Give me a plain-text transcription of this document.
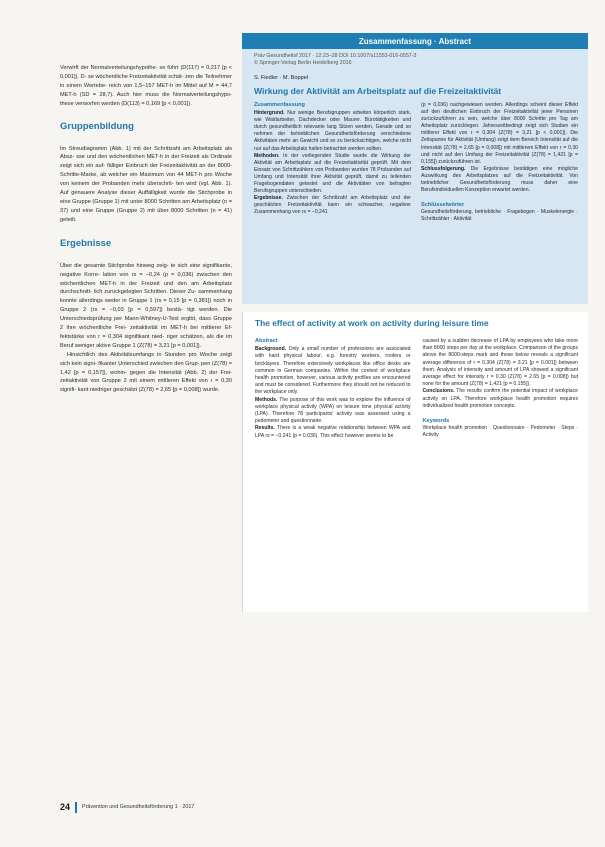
Verwirft der Normalverteilungshypothe- se führt (D(117) = 0,217 [p < 0,001]). D- se wöchentliche Freizeitaktivität schät- zen die Teilnehmer in einem Wertebe- reich von 1,5–157 MET-h im Mittel auf M = 44,7 MET-h (SD = 28,7). Auch hier muss die Normalverteilungshypo- these verworfen werden (D(113) = 0,169 [p < 0,001]).

Gruppenbildung

Im Streudiagramm (Abb. 1) mit der Schrittzahl am Arbeitsplatz als Absz- sse und den wöchentlichen MET-h in der Freizeit als Ordinate zeigt sich ein auf- fälliger Einbruch der Freizeitaktivität an der 8000-Schritte-Marke, ab welcher ein Maximum von 44 MET-h pro Woche von keinem der Probanden mehr überschrit- ten wird (vgl. Abb. 1). Auf genauere Analyse dieser Auffälligkeit wurde die Stichprobe in eine Gruppe (Gruppe 1) mit unter 8000 Schritten am Arbeitsplatz (n = 37) und eine Gruppe (Gruppe 2) mit über 8000 Schritten (n = 41) geteilt.

Ergebnisse

Über die gesamte Stichprobe hinweg zeig- te sich eine signifikante, negative Korre- lation von rs = −0,24 (p = 0,036) zwischen den wöchentlichen MET-h in der Freizeit und den am Arbeitsplatz durchschnitt- lich zurückgelegten Schritten. Dieser Zu- sammenhang konnte allerdings weder in Gruppe 1 (rs = 0,15 [p = 0,381]) noch in Gruppe 2 (rs = −0,03 [p = 0,597]) bestä- tigt werden. Die Unterschiedsprüfung per Mann-Whitney-U-Test ergibt, dass Gruppe 2 ihre wöchentliche Frei- zeitaktivität im MET-h bei mittlerer Ef- fektstärke von r = 0,304 signifikant nied- riger schätzen, als die im Beruf weniger aktive Gruppe 1 (Z(78) = 3,21 [p = 0,001]).

Hinsichtlich des Aktivitätsumfangs in Stunden pro Woche zeigt sich kein signi- fikanter Unterschied zwischen den Grup- pen (Z(78) = 1,42 [p = 0,157]), wohin- gegen die Intensität (Abb. 2) der Frei- zeitaktivität von Gruppe 2 mit einem mittleren Effekt von r = 0,30 signifi- kant niedriger geschätzt (Z(78) = 2,65 [p = 0,008]) wurde.

24 Prävention und Gesundheitsförderung 1 · 2017
Zusammenfassung · Abstract
Präv Gesundheitsf 2017 · 12:23–28 DOI 10.1007/s11553-016-0557-3
© Springer-Verlag Berlin Heidelberg 2016
S. Fiedler · M. Boppel
Wirkung der Aktivität am Arbeitsplatz auf die Freizeitaktivität
Zusammenfassung

Hintergrund. Nur wenige Berufsgruppen arbeiten körperlich stark, wie Waldarbeiter, Dachdecker oder Maurer. Bürotätigkeiten und durch gesundheitlich relevante lang Sitzen werden, Gerade und so nehmen der betrieblichen Gesundheitsförderung verschiedene Aktivitäten mehr an Gewicht und so zu berücksichtigen, welche nicht nur auf das Arbeitsplatz halten betrachtet werden sollten.

Methoden. In der vorliegenden Studie wurde die Wirkung der Aktivität am Arbeitsplatz auf die Freizeitaktivität geprüft. Mit dem Einsatz von Schrittzählern von Probanden wurden 78 Probanden auf Umfang und Intensität ihrer Aktivität geprüft, damit zu teilenden Fragebogendaten getestet und die Aktivitäten von befragten Berufsgruppen unterschieden.

Ergebnisse. Zwischen der Schrittzahl am Arbeitsplatz und der geschätzten Freizeitaktivität kann ein schwacher, negativer Zusammenhang von rs = −0,241

(p = 0,036) nachgewiesen werden. Allerdings scheint dieser Effekt auf den deutlichen Einbruch der Freizeitaktivität jener Personen zurückzuführen zu sein, welche über 8000 Schritte pro Tag am Arbeitsplatz zurücklegen. Jahreszeitbedingt zeigt sich Studien ein mittlerer Effekt von r = 0,304 (Z(78) = 3,21 [p < 0,001]). Die Zeitspanne für Aktivität (Umfang) zeigt dem Bereich Intensität auf die Intensität (Z(78) = 2,65 [p = 0,008]) mit mittlerem Effekt von r = 0,30 und nicht auf den Umfang der Freizeitaktivität (Z(78) = 1,421 [p = 0,155]) zurückzuführen ist.

Schlussfolgerung. Die Ergebnisse bestätigen eine mögliche Auswirkung des Arbeitsplatzes auf die Freizeitaktivität. Von betrieblicher Gesundheitsförderung muss daher eine Berufsindividuellen Konzeption erwartet werden.

Schlüsselwörter

Gesundheitsförderung, betriebliche · Fragebogen · Muskelenergie · Schrittzähler · Aktivität

The effect of activity at work on activity during leisure time
Abstract

Background. Only a small number of professions are associated with hard physical labour, e.g. forestry workers, roofers or bricklayers. Therefore extensively workplaces like office desks are common in German companies. Within the context of workplace health promotion, however, various activity profiles are encountered and must be considered. Furthermore they should not be reduced to the workplace only.

Methods. The purpose of this work was to explore the influence of workplace physical activity (WPA) on leisure time physical activity (LPA). Therefore 78 participants' activity was assessed using a pedometer and questionnaire.

Results. There is a weak negative relationship between WPA and LPA rs = −0.241 (p = 0.036). This effect however seems to be

caused by a sudden decrease of LPA by employees who take more than 8000 steps per day at the workplace. Comparison of the groups above the 8000-steps mark and those below reveals a significant average difference of r = 0.304 (Z(78) = 3.21 [p = 0.001]) between them. Analysis of intensity and amount of LPA showed a significant average effect for intensity r = 0.30 (Z(78) = 2.65 [p = 0.008]) but none for the amount (Z(78) = 1.421 [p = 0.155]).

Conclusions. The results confirm the potential impact of workplace activity on LPA. Therefore workplace health promotion requires individualized health promotion concepts.

Keywords

Workplace health promotion · Questionnaire · Pedometer · Steps · Activity
